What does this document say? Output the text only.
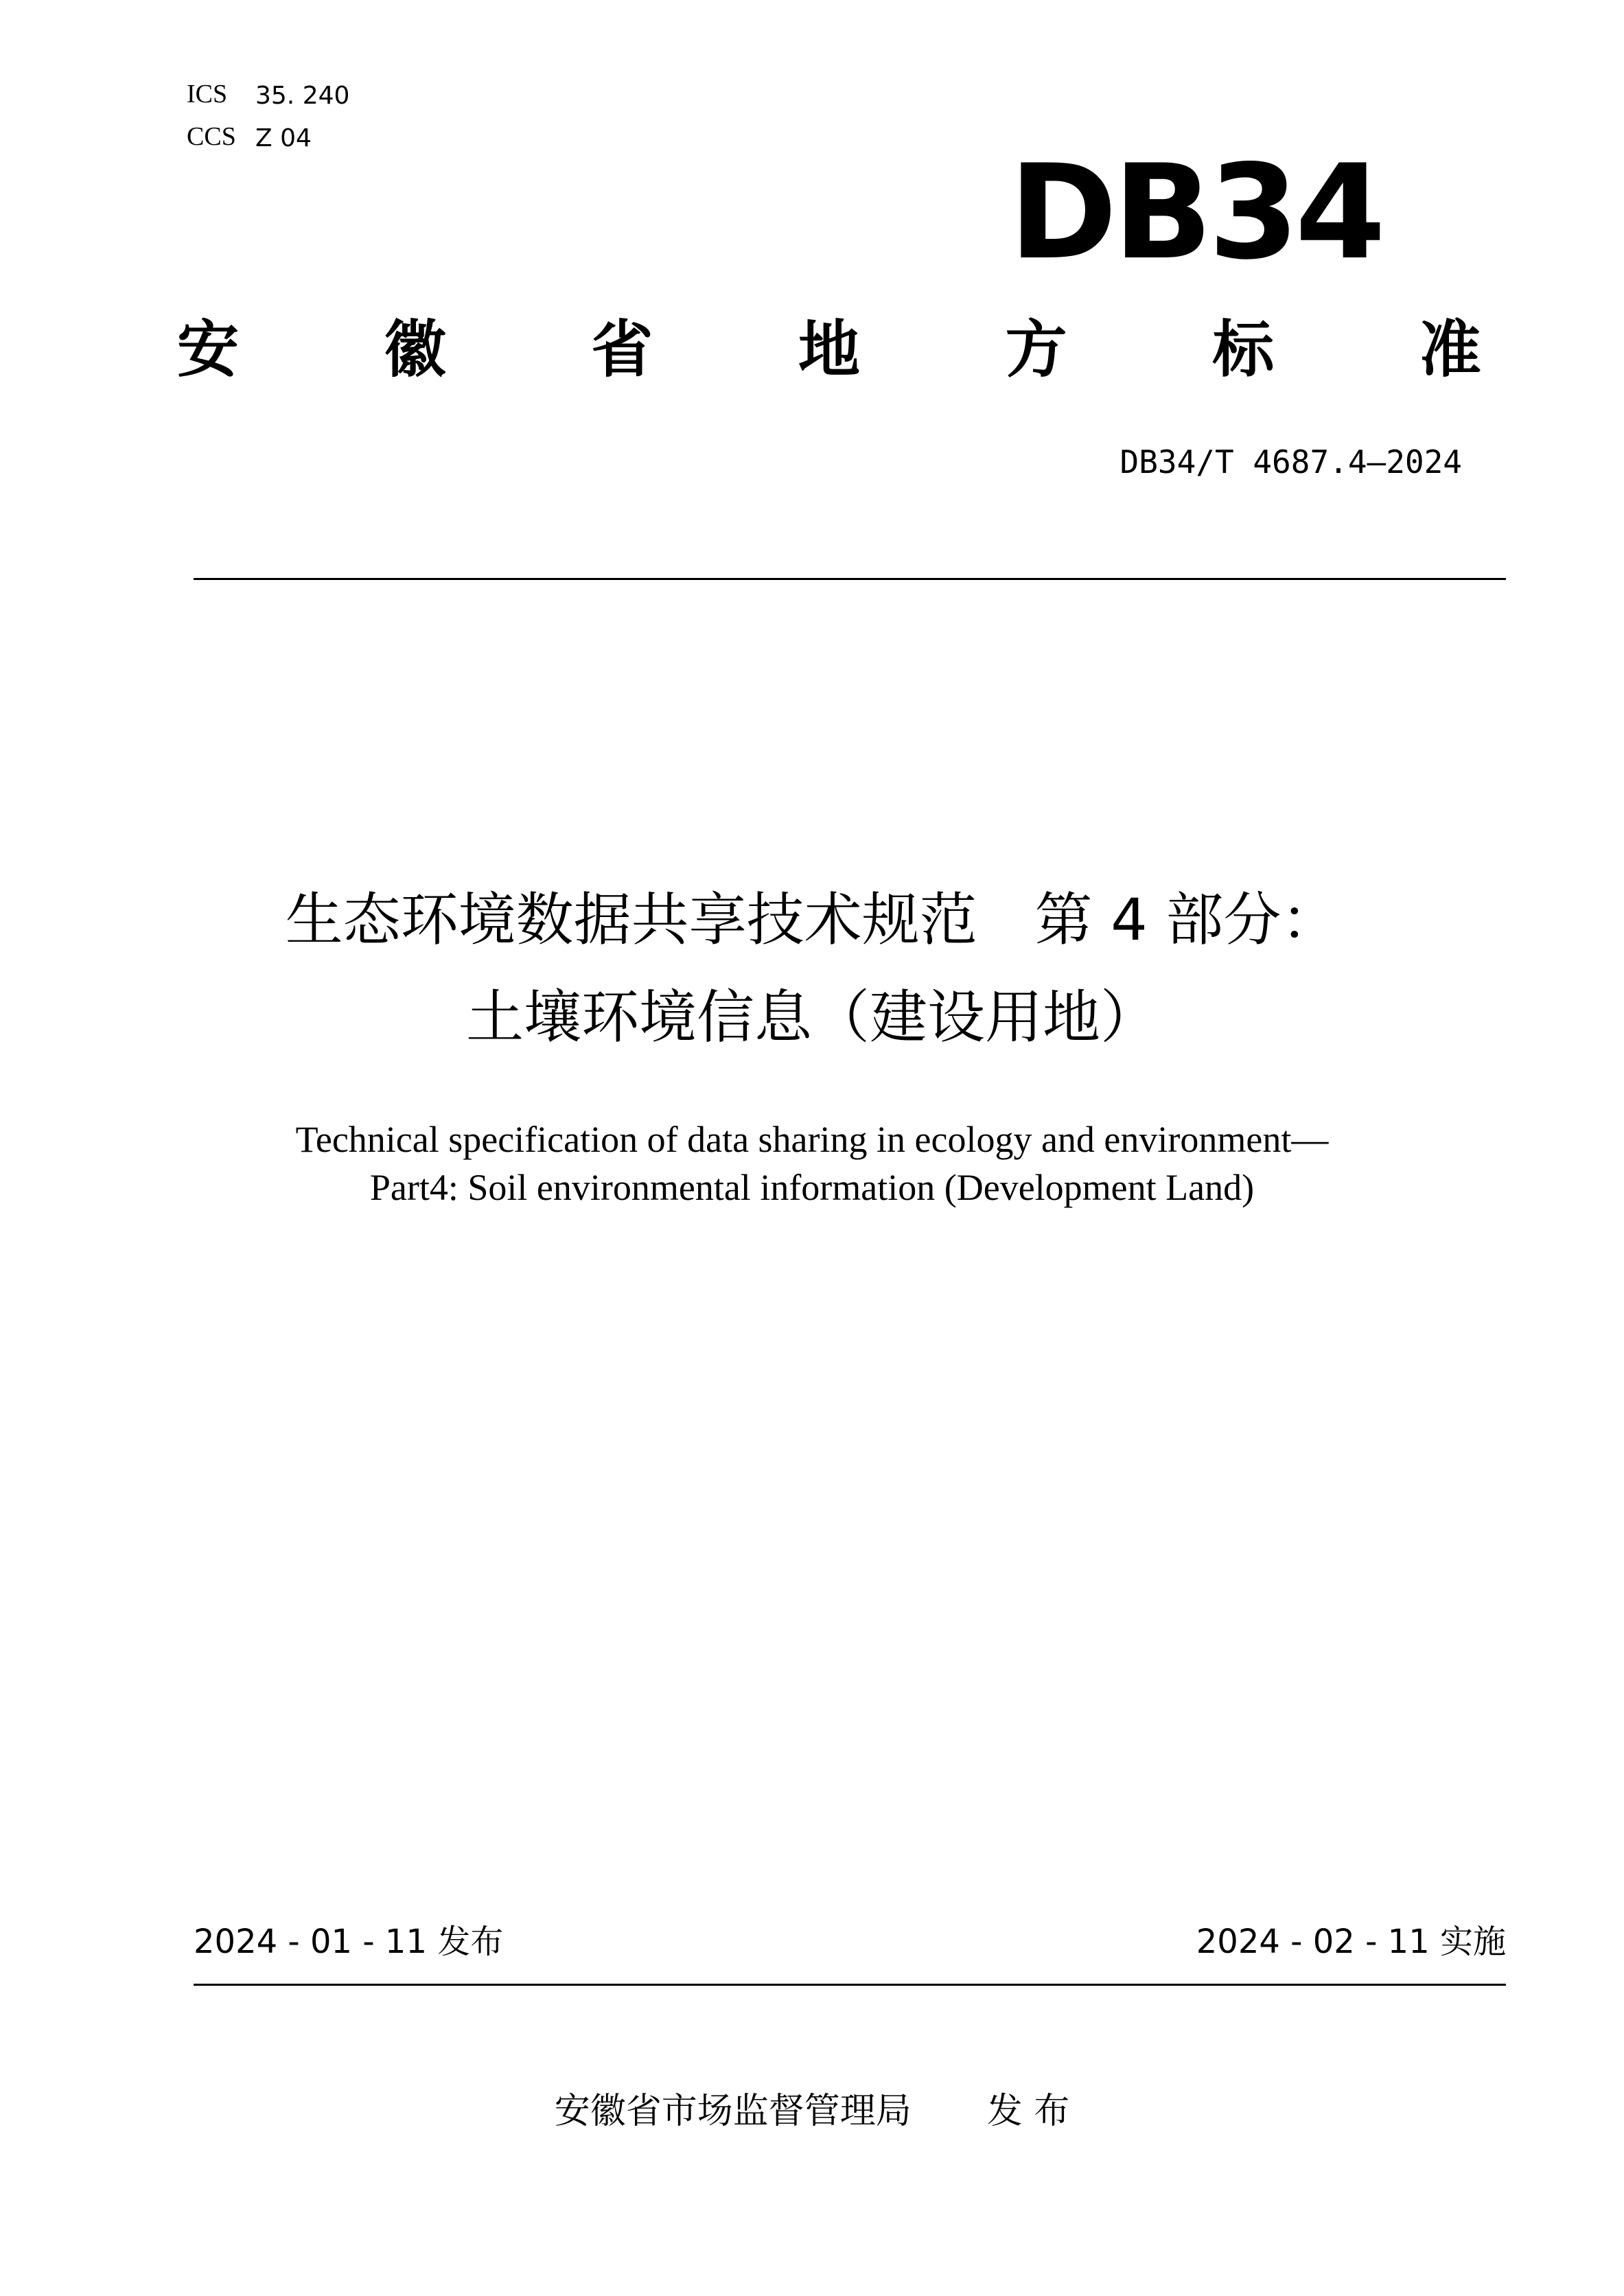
ICS 35. 240
CCS Z 04	DB34
安 徽 省 地 方 标 准
DB34/T 4687.4—2024
生态环境数据共享技术规范　第 4 部分：
土壤环境信息（建设用地）
Technical specification of data sharing in ecology and environment—
Part4: Soil environmental information (Development Land)
2024 - 01 - 11 发布	2024 - 02 - 11 实施
安徽省市场监督管理局 发 布
